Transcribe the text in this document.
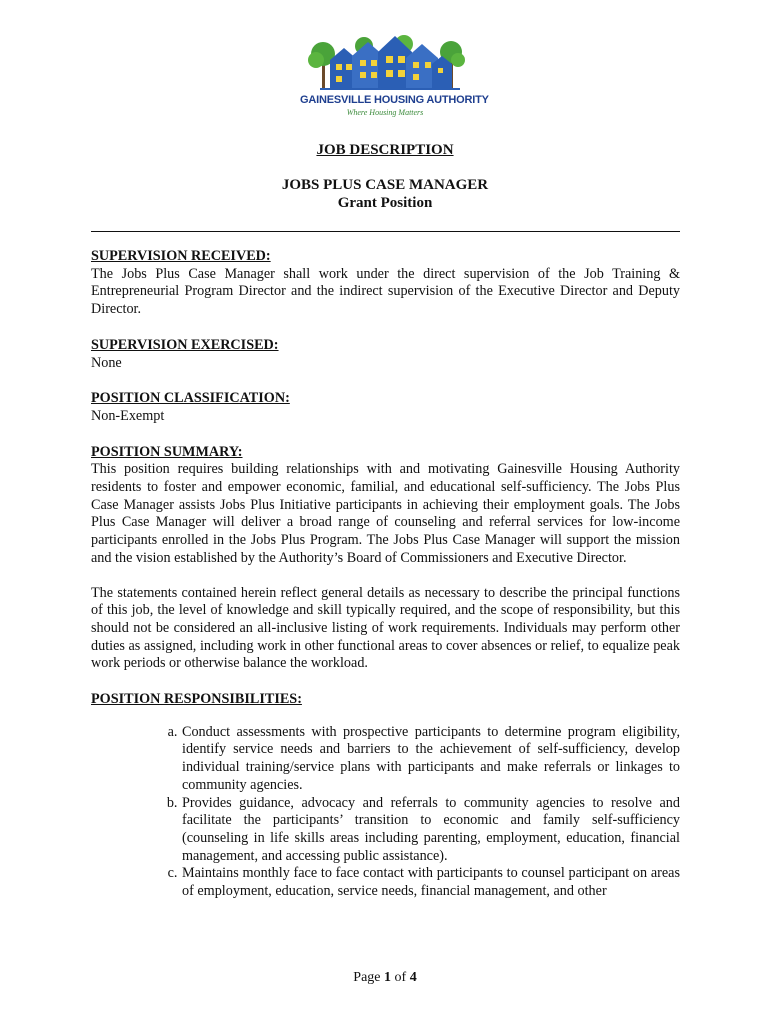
GAINESVILLE HOUSING AUTHORITY
Where Housing Matters
JOB DESCRIPTION
JOBS PLUS CASE MANAGER
Grant Position
SUPERVISION RECEIVED:
The Jobs Plus Case Manager shall work under the direct supervision of the Job Training & Entrepreneurial Program Director and the indirect supervision of the Executive Director and Deputy Director.
SUPERVISION EXERCISED:
None
POSITION CLASSIFICATION:
Non-Exempt
POSITION SUMMARY:
This position requires building relationships with and motivating Gainesville Housing Authority residents to foster and empower economic, familial, and educational self-sufficiency. The Jobs Plus Case Manager assists Jobs Plus Initiative participants in achieving their employment goals. The Jobs Plus Case Manager will deliver a broad range of counseling and referral services for low-income participants enrolled in the Jobs Plus Program. The Jobs Plus Case Manager will support the mission and the vision established by the Authority’s Board of Commissioners and Executive Director.
The statements contained herein reflect general details as necessary to describe the principal functions of this job, the level of knowledge and skill typically required, and the scope of responsibility, but this should not be considered an all-inclusive listing of work requirements. Individuals may perform other duties as assigned, including work in other functional areas to cover absences or relief, to equalize peak work periods or otherwise balance the workload.
POSITION RESPONSIBILITIES:
a. Conduct assessments with prospective participants to determine program eligibility, identify service needs and barriers to the achievement of self-sufficiency, develop individual training/service plans with participants and make referrals or linkages to community agencies.
b. Provides guidance, advocacy and referrals to community agencies to resolve and facilitate the participants’ transition to economic and family self-sufficiency (counseling in life skills areas including parenting, employment, education, financial management, and accessing public assistance).
c. Maintains monthly face to face contact with participants to counsel participant on areas of employment, education, service needs, financial management, and other
Page 1 of 4
